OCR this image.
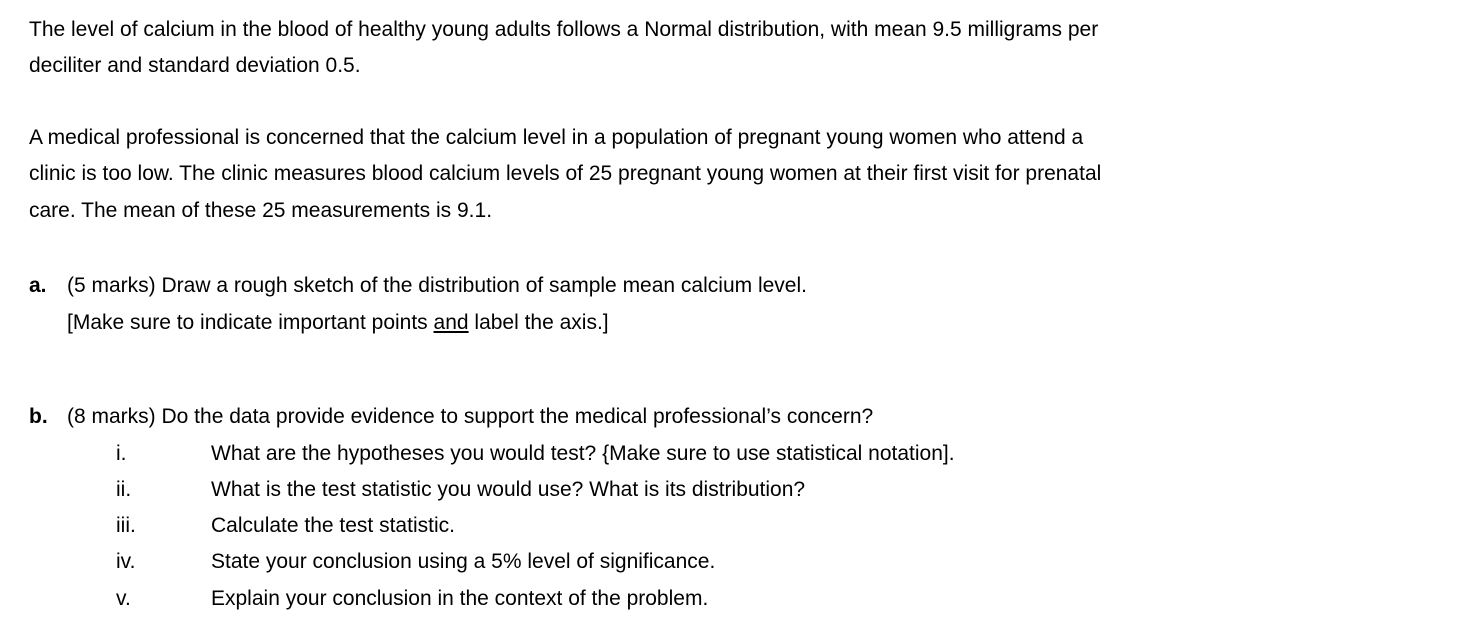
The level of calcium in the blood of healthy young adults follows a Normal distribution, with mean 9.5 milligrams per
deciliter and standard deviation 0.5.
A medical professional is concerned that the calcium level in a population of pregnant young women who attend a
clinic is too low. The clinic measures blood calcium levels of 25 pregnant young women at their first visit for prenatal
care. The mean of these 25 measurements is 9.1.
a. (5 marks) Draw a rough sketch of the distribution of sample mean calcium level.
[Make sure to indicate important points and label the axis.]
b. (8 marks) Do the data provide evidence to support the medical professional’s concern?
i.	What are the hypotheses you would test? {Make sure to use statistical notation].
ii.	What is the test statistic you would use? What is its distribution?
iii.	Calculate the test statistic.
iv.	State your conclusion using a 5% level of significance.
v.	Explain your conclusion in the context of the problem.
